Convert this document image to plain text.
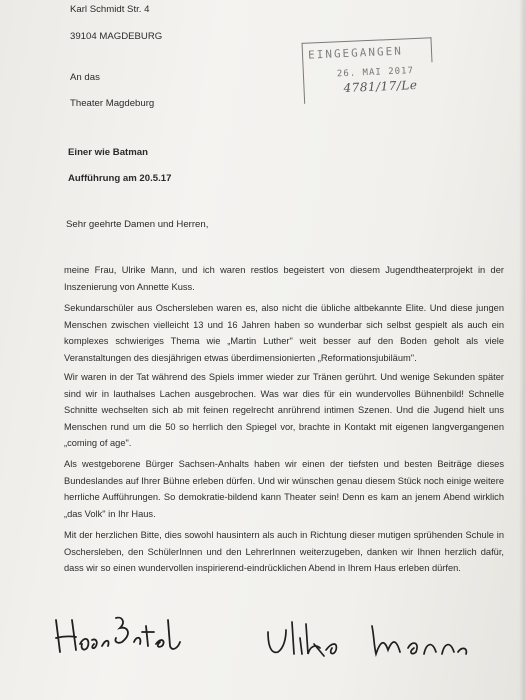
Karl Schmidt Str. 4
39104 MAGDEBURG
An das
Theater Magdeburg
EINGEGANGEN
26. MAI 2017
4781/17/Le
Einer wie Batman
Aufführung am 20.5.17
Sehr geehrte Damen und Herren,
meine Frau, Ulrike Mann, und ich waren restlos begeistert von diesem Jugendtheaterprojekt in der Inszenierung von Annette Kuss.
Sekundarschüler aus Oschersleben waren es, also nicht die übliche altbekannte Elite. Und diese jungen Menschen zwischen vielleicht 13 und 16 Jahren haben so wunderbar sich selbst gespielt als auch ein komplexes schwieriges Thema wie „Martin Luther" weit besser auf den Boden geholt als viele Veranstaltungen des diesjährigen etwas überdimensionierten „Reformationsjubiläum".
Wir waren in der Tat während des Spiels immer wieder zur Tränen gerührt. Und wenige Sekunden später sind wir in lauthalses Lachen ausgebrochen. Was war dies für ein wundervolles Bühnenbild! Schnelle Schnitte wechselten sich ab mit feinen regelrecht anrührend intimen Szenen. Und die Jugend hielt uns Menschen rund um die 50 so herrlich den Spiegel vor, brachte in Kontakt mit eigenen langvergangenen „coming of age".
Als westgeborene Bürger Sachsen-Anhalts haben wir einen der tiefsten und besten Beiträge dieses Bundeslandes auf Ihrer Bühne erleben dürfen. Und wir wünschen genau diesem Stück noch einige weitere herrliche Aufführungen. So demokratie-bildend kann Theater sein! Denn es kam an jenem Abend wirklich „das Volk" in Ihr Haus.
Mit der herzlichen Bitte, dies sowohl hausintern als auch in Richtung dieser mutigen sprühenden Schule in Oschersleben, den SchülerInnen und den LehrerInnen weiterzugeben, danken wir Ihnen herzlich dafür, dass wir so einen wundervollen inspirierend-eindrücklichen Abend in Ihrem Haus erleben dürfen.
